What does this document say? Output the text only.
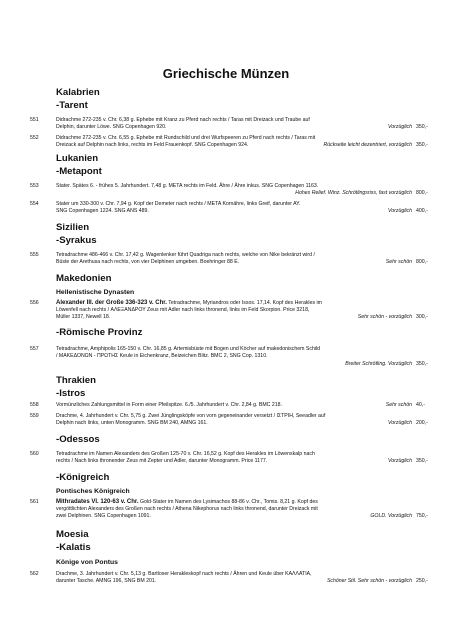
Griechische Münzen
Kalabrien
-Tarent
551	Didrachme 272-235 v. Chr. 6,38 g. Ephebe mit Kranz zu Pferd nach rechts / Taras mit Dreizack und Traube auf
Delphin, darunter Löwe. SNG Copenhagen 920.	Vorzüglich 350,-
552	Didrachme 272-235 v. Chr. 6,55 g. Ephebe mit Rundschild und drei Wurfspeeren zu Pferd nach rechts / Taras mit
Dreizack auf Delphin nach links, rechts im Feld Frauenkopf. SNG Copenhagen 924.	Rückseite leicht dezentriert, vorzüglich 350,-
Lukanien
-Metapont
553	Stater. Spätes 6. - frühes 5. Jahrhundert. 7,48 g. META rechts im Feld. Ähre / Ähre inkus. SNG Copenhagen 1163.
Hohes Relief. Winz. Schrötlingsriss, fast vorzüglich 800,-
554	Stater um 330-300 v. Chr. 7,94 g. Kopf der Demeter nach rechts / META Kornähre, links Greif, darunter AY.
SNG Copenhagen 1224. SNG ANS 489.	Vorzüglich 400,-
Sizilien
-Syrakus
555	Tetradrachme 486-466 v. Chr. 17,42 g. Wagenlenker führt Quadriga nach rechts, welche von Nike bekränzt wird /
Büste der Arethusa nach rechts, von vier Delphinen umgeben. Boehringer 88 E.	Sehr schön 800,-
Makedonien
Hellenistische Dynasten
556	Alexander III. der Große 336-323 v. Chr. Tetradrachme, Myriandros oder Issos. 17,14. Kopf des Herakles im
Löwenfell nach rechts / ΑΛΕΞΑΝΔΡΟΥ Zeus mit Adler nach links thronend, links im Feld Skorpion. Price 3218,
Müller 1337, Newell 18.	Sehr schön - vorzüglich 300,-
-Römische Provinz
557	Tetradrachme, Amphipolis 165-150 v. Chr. 16,85 g. Artemisbüste mit Bogen und Köcher auf makedonischem Schild
/ ΜΑΚΕΔΟΝΩΝ - ΠΡΩΤΗΣ Keule in Eichenkranz, Beizeichen Blitz. BMC 2, SNG Cop. 1310.
Breiter Schrötling. Vorzüglich 350,-
Thrakien
-Istros
558	Vormünzliches Zahlungsmittel in Form einer Pfeilspitze. 6./5. Jahrhundert v. Chr. 2,84 g. BMC 218.	Sehr schön 40,-
559	Drachme, 4. Jahrhundert v. Chr. 5,75 g. Zwei Jünglingsköpfe von vorn gegeneinander versetzt / ΙΣΤΡΙΗ, Seeadler auf
Delphin nach links, unten Monogramm. SNG BM 240, AMNG 161.	Vorzüglich 200,-
-Odessos
560	Tetradrachme im Namen Alexanders des Großen 125-70 v. Chr. 16,52 g. Kopf des Herakles im Löwenskalp nach
rechts / Nach links thronender Zeus mit Zepter und Adler, darunter Monogramm. Price 1177.	Vorzüglich 350,-
-Königreich
Pontisches Königreich
561	Mithradates VI. 120-63 v. Chr. Gold-Stater im Namen des Lysimachos 88-86 v. Chr., Tomis. 8,21 g. Kopf des
vergöttlichten Alexanders des Großen nach rechts / Athena Nikephorus nach links thronend, darunter Dreizack mit
zwei Delphinen. SNG Copenhagen 1091.	GOLD. Vorzüglich 750,-
Moesia
-Kalatis
Könige von Pontus
562	Drachme, 3. Jahrhundert v. Chr. 5,13 g. Bartloser Herakleskopf nach rechts / Ähren und Keule über ΚΑΛΛΑΤΙΑ,
darunter Tasche. AMNG 196, SNG BM 201.	Schöner Stil. Sehr schön - vorzüglich 250,-
